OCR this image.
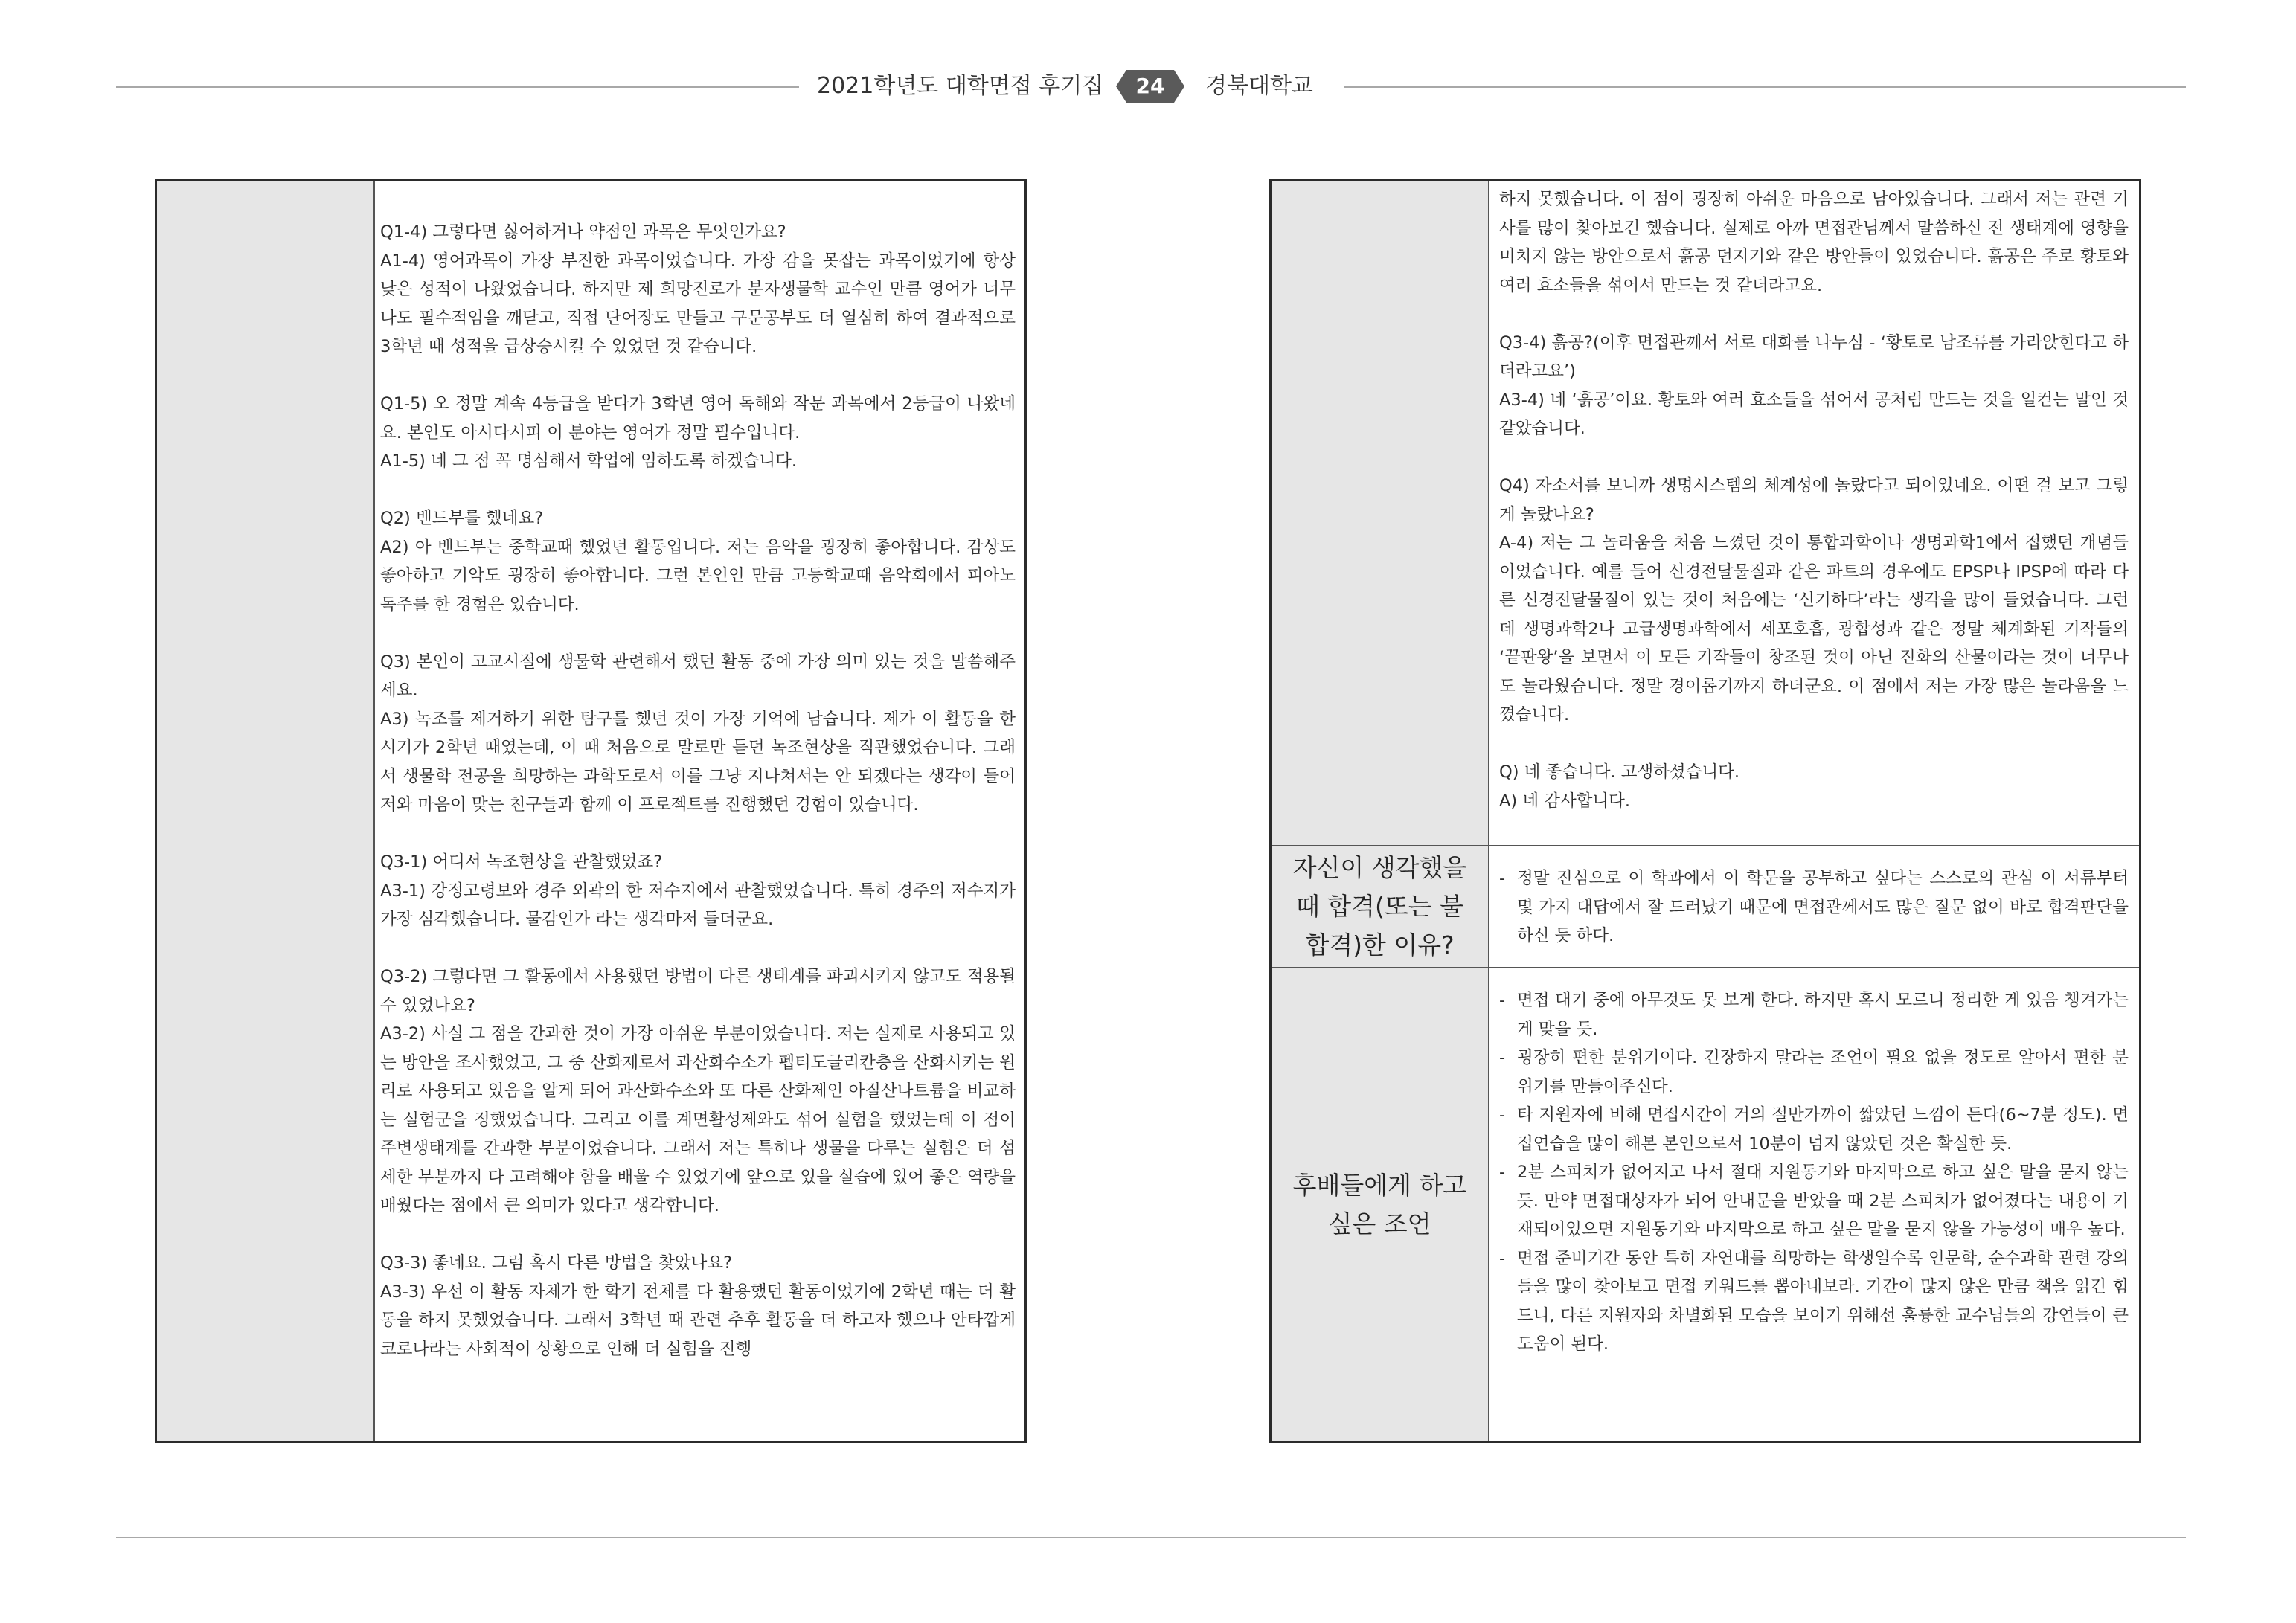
2021학년도 대학면접 후기집	24	경북대학교

Q1-4) 그렇다면 싫어하거나 약점인 과목은 무엇인가요?

A1-4) 영어과목이 가장 부진한 과목이었습니다. 가장 감을 못잡는 과목이었기에 항상 낮은 성적이 나왔었습니다. 하지만 제 희망진로가 분자생물학 교수인 만큼 영어가 너무나도 필수적임을 깨닫고, 직접 단어장도 만들고 구문공부도 더 열심히 하여 결과적으로 3학년 때 성적을 급상승시킬 수 있었던 것 같습니다.

Q1-5) 오 정말 계속 4등급을 받다가 3학년 영어 독해와 작문 과목에서 2등급이 나왔네요. 본인도 아시다시피 이 분야는 영어가 정말 필수입니다.

A1-5) 네 그 점 꼭 명심해서 학업에 임하도록 하겠습니다.

Q2) 밴드부를 했네요?

A2) 아 밴드부는 중학교때 했었던 활동입니다. 저는 음악을 굉장히 좋아합니다. 감상도 좋아하고 기악도 굉장히 좋아합니다. 그런 본인인 만큼 고등학교때 음악회에서 피아노 독주를 한 경험은 있습니다.

Q3) 본인이 고교시절에 생물학 관련해서 했던 활동 중에 가장 의미 있는 것을 말씀해주세요.

A3) 녹조를 제거하기 위한 탐구를 했던 것이 가장 기억에 남습니다. 제가 이 활동을 한 시기가 2학년 때였는데, 이 때 처음으로 말로만 듣던 녹조현상을 직관했었습니다. 그래서 생물학 전공을 희망하는 과학도로서 이를 그냥 지나쳐서는 안 되겠다는 생각이 들어 저와 마음이 맞는 친구들과 함께 이 프로젝트를 진행했던 경험이 있습니다.

Q3-1) 어디서 녹조현상을 관찰했었죠?

A3-1) 강정고령보와 경주 외곽의 한 저수지에서 관찰했었습니다. 특히 경주의 저수지가 가장 심각했습니다. 물감인가 라는 생각마저 들더군요.

Q3-2) 그렇다면 그 활동에서 사용했던 방법이 다른 생태계를 파괴시키지 않고도 적용될 수 있었나요?

A3-2) 사실 그 점을 간과한 것이 가장 아쉬운 부분이었습니다. 저는 실제로 사용되고 있는 방안을 조사했었고, 그 중 산화제로서 과산화수소가 펩티도글리칸층을 산화시키는 원리로 사용되고 있음을 알게 되어 과산화수소와 또 다른 산화제인 아질산나트륨을 비교하는 실험군을 정했었습니다. 그리고 이를 계면활성제와도 섞어 실험을 했었는데 이 점이 주변생태계를 간과한 부분이었습니다. 그래서 저는 특히나 생물을 다루는 실험은 더 섬세한 부분까지 다 고려해야 함을 배울 수 있었기에 앞으로 있을 실습에 있어 좋은 역량을 배웠다는 점에서 큰 의미가 있다고 생각합니다.

Q3-3) 좋네요. 그럼 혹시 다른 방법을 찾았나요?

A3-3) 우선 이 활동 자체가 한 학기 전체를 다 활용했던 활동이었기에 2학년 때는 더 활동을 하지 못했었습니다. 그래서 3학년 때 관련 추후 활동을 더 하고자 했으나 안타깝게 코로나라는 사회적이 상황으로 인해 더 실험을 진행

하지 못했습니다. 이 점이 굉장히 아쉬운 마음으로 남아있습니다. 그래서 저는 관련 기사를 많이 찾아보긴 했습니다. 실제로 아까 면접관님께서 말씀하신 전 생태계에 영향을 미치지 않는 방안으로서 흙공 던지기와 같은 방안들이 있었습니다. 흙공은 주로 황토와 여러 효소들을 섞어서 만드는 것 같더라고요.

Q3-4) 흙공?(이후 면접관께서 서로 대화를 나누심 - ‘황토로 남조류를 가라앉힌다고 하더라고요’)

A3-4) 네 ‘흙공’이요. 황토와 여러 효소들을 섞어서 공처럼 만드는 것을 일컫는 말인 것 같았습니다.

Q4) 자소서를 보니까 생명시스템의 체계성에 놀랐다고 되어있네요. 어떤 걸 보고 그렇게 놀랐나요?

A-4) 저는 그 놀라움을 처음 느꼈던 것이 통합과학이나 생명과학1에서 접했던 개념들이었습니다. 예를 들어 신경전달물질과 같은 파트의 경우에도 EPSP나 IPSP에 따라 다른 신경전달물질이 있는 것이 처음에는 ‘신기하다’라는 생각을 많이 들었습니다. 그런데 생명과학2나 고급생명과학에서 세포호흡, 광합성과 같은 정말 체계화된 기작들의 ‘끝판왕’을 보면서 이 모든 기작들이 창조된 것이 아닌 진화의 산물이라는 것이 너무나도 놀라웠습니다. 정말 경이롭기까지 하더군요. 이 점에서 저는 가장 많은 놀라움을 느꼈습니다.

Q) 네 좋습니다. 고생하셨습니다.

A) 네 감사합니다.

자신이 생각했을 때 합격(또는 불합격)한 이유?
- 정말 진심으로 이 학과에서 이 학문을 공부하고 싶다는 스스로의 관심 이 서류부터 몇 가지 대답에서 잘 드러났기 때문에 면접관께서도 많은 질문 없이 바로 합격판단을 하신 듯 하다.
후배들에게 하고 싶은 조언
- 면접 대기 중에 아무것도 못 보게 한다. 하지만 혹시 모르니 정리한 게 있음 챙겨가는 게 맞을 듯.
- 굉장히 편한 분위기이다. 긴장하지 말라는 조언이 필요 없을 정도로 알아서 편한 분위기를 만들어주신다.
- 타 지원자에 비해 면접시간이 거의 절반가까이 짧았던 느낌이 든다(6~7분 정도). 면접연습을 많이 해본 본인으로서 10분이 넘지 않았던 것은 확실한 듯.
- 2분 스피치가 없어지고 나서 절대 지원동기와 마지막으로 하고 싶은 말을 묻지 않는 듯. 만약 면접대상자가 되어 안내문을 받았을 때 2분 스피치가 없어졌다는 내용이 기재되어있으면 지원동기와 마지막으로 하고 싶은 말을 묻지 않을 가능성이 매우 높다.
- 면접 준비기간 동안 특히 자연대를 희망하는 학생일수록 인문학, 순수과학 관련 강의들을 많이 찾아보고 면접 키워드를 뽑아내보라. 기간이 많지 않은 만큼 책을 읽긴 힘드니, 다른 지원자와 차별화된 모습을 보이기 위해선 훌륭한 교수님들의 강연들이 큰 도움이 된다.
